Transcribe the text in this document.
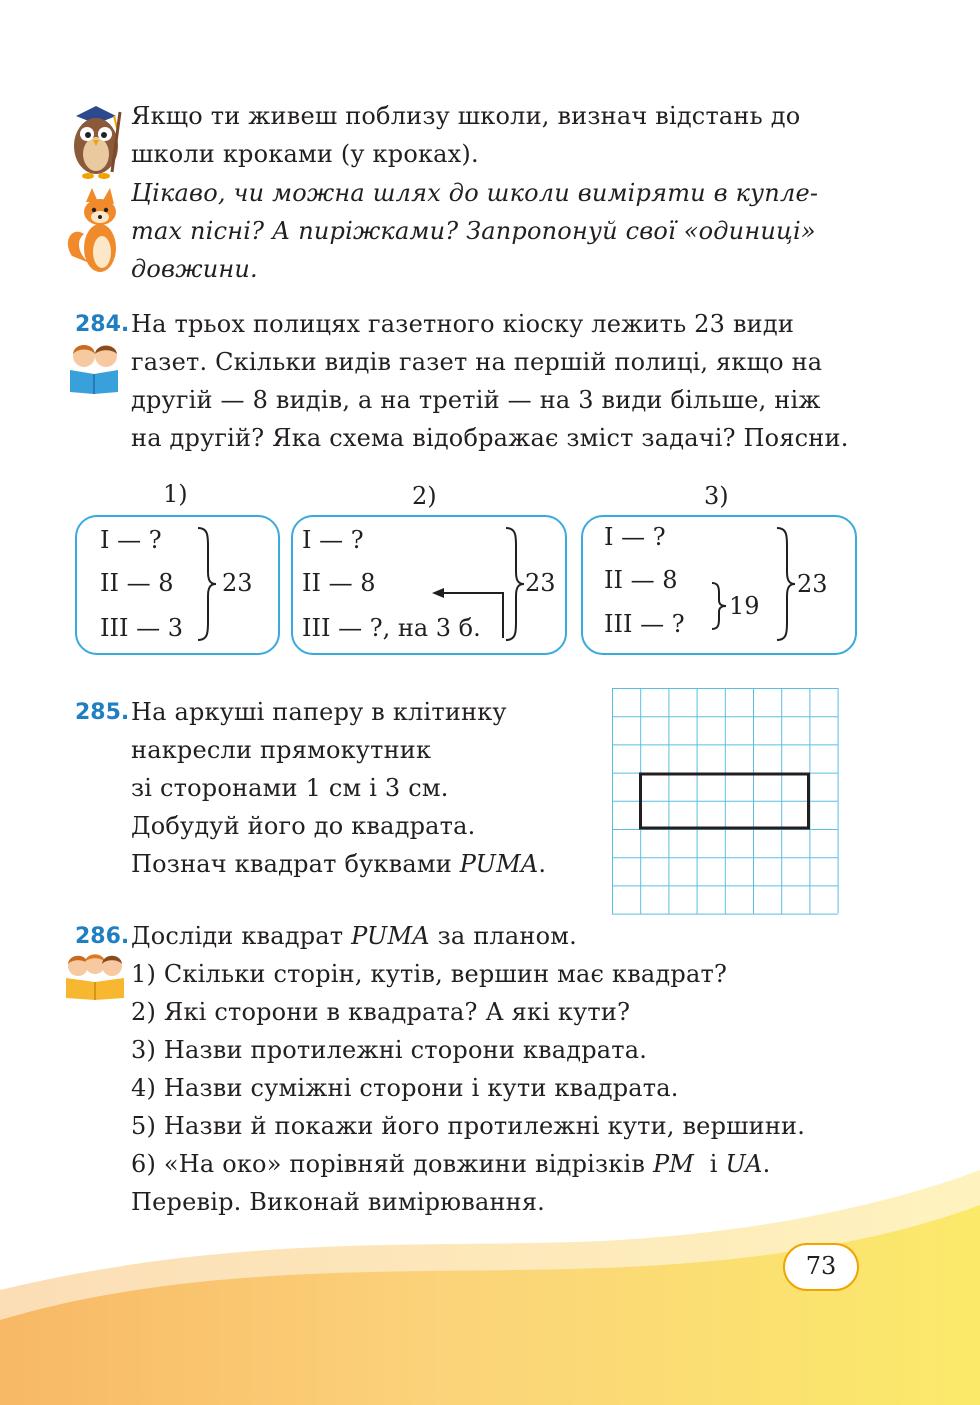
Якщо ти живеш поблизу школи, визнач відстань до
школи кроками (у кроках).
Цікаво, чи можна шлях до школи виміряти в купле-
тах пісні? А пиріжками? Запропонуй свої «одиниці»
довжини.
284. На трьох полицях газетного кіоску лежить 23 види
газет. Скільки видів газет на першій полиці, якщо на
другій — 8 видів, а на третій — на 3 види більше, ніж
на другій? Яка схема відображає зміст задачі? Поясни.
1)	2)	3)
I — ?
II — 8
III — 3
23
I — ?
II — 8
III — ?, на 3 б.
23
I — ?
II — 8
III — ?
19
23
285. На аркуші паперу в клітинку
накресли прямокутник
зі сторонами 1 см і 3 см.
Добудуй його до квадрата.
Познач квадрат буквами PUMA.
286. Дослiди квадрат PUMA за планом.
1) Скільки сторін, кутів, вершин має квадрат?
2) Які сторони в квадрата? А які кути?
3) Назви протилежні сторони квадрата.
4) Назви суміжні сторони і кути квадрата.
5) Назви й покажи його протилежні кути, вершини.
6) «На око» порівняй довжини відрізків PM  і UA.
Перевір. Виконай вимірювання.
73
